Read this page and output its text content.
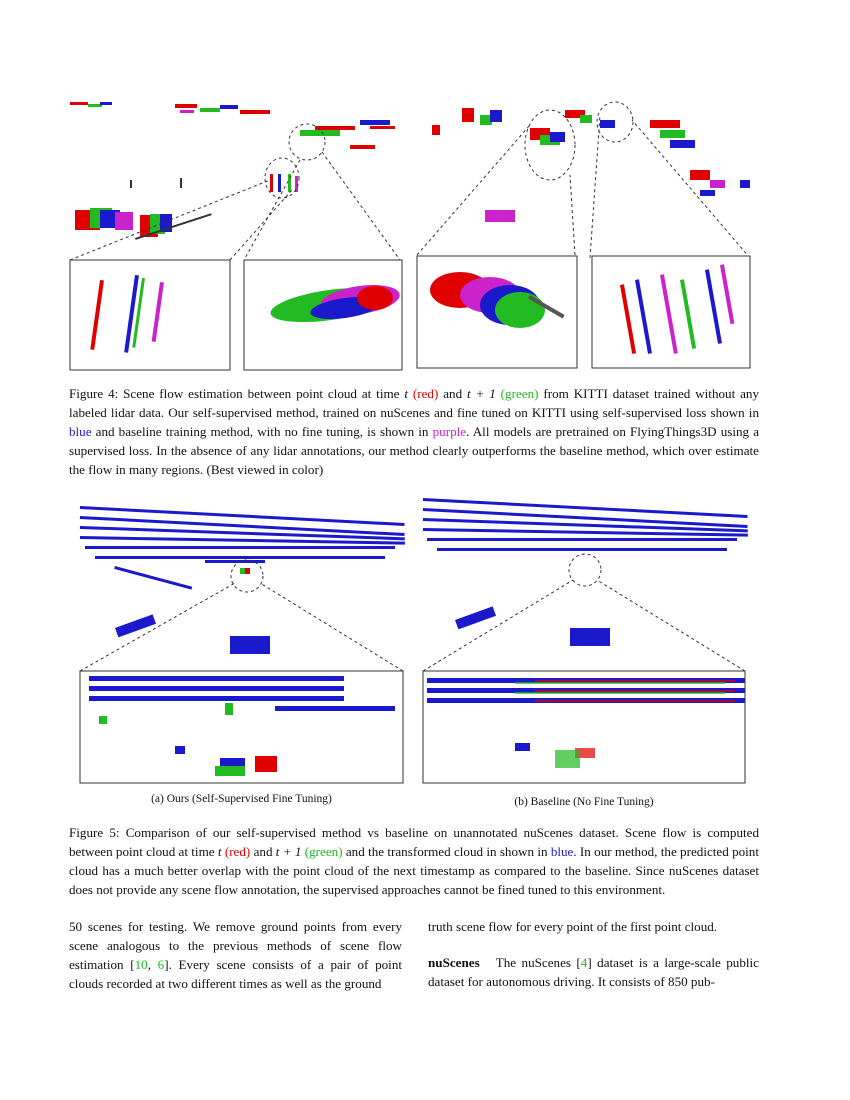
Figure 4: Scene flow estimation between point cloud at time t (red) and t + 1 (green) from KITTI dataset trained without any labeled lidar data. Our self-supervised method, trained on nuScenes and fine tuned on KITTI using self-supervised loss shown in blue and baseline training method, with no fine tuning, is shown in purple. All models are pretrained on FlyingThings3D using a supervised loss. In the absence of any lidar annotations, our method clearly outperforms the baseline method, which over estimate the flow in many regions. (Best viewed in color)
(a) Ours (Self-Supervised Fine Tuning)	(b) Baseline (No Fine Tuning)
Figure 5: Comparison of our self-supervised method vs baseline on unannotated nuScenes dataset. Scene flow is computed between point cloud at time t (red) and t + 1 (green) and the transformed cloud in shown in blue. In our method, the predicted point cloud has a much better overlap with the point cloud of the next timestamp as compared to the baseline. Since nuScenes dataset does not provide any scene flow annotation, the supervised approaches cannot be fined tuned to this environment.
50 scenes for testing. We remove ground points from every scene analogous to the previous methods of scene flow estimation [10, 6]. Every scene consists of a pair of point clouds recorded at two different times as well as the ground
truth scene flow for every point of the first point cloud.
nuScenes The nuScenes [4] dataset is a large-scale public dataset for autonomous driving. It consists of 850 pub-
